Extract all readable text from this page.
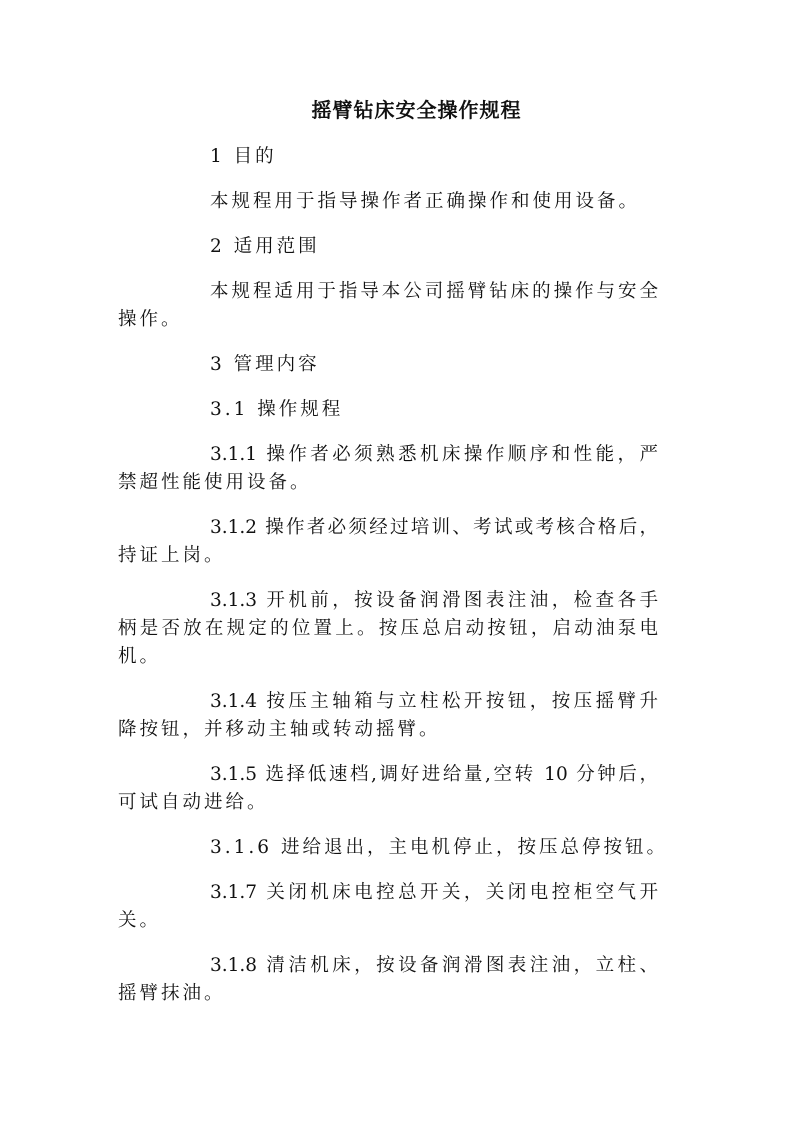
摇臂钻床安全操作规程
1 目的
本规程用于指导操作者正确操作和使用设备。
2 适用范围
本规程适用于指导本公司摇臂钻床的操作与安全
操作。
3 管理内容
3.1 操作规程
3.1.1 操作者必须熟悉机床操作顺序和性能，严
禁超性能使用设备。
3.1.2 操作者必须经过培训、考试或考核合格后，
持证上岗。
3.1.3 开机前，按设备润滑图表注油，检查各手
柄是否放在规定的位置上。按压总启动按钮，启动油泵电
机。
3.1.4 按压主轴箱与立柱松开按钮，按压摇臂升
降按钮，并移动主轴或转动摇臂。
3.1.5 选择低速档,调好进给量,空转 10 分钟后，
可试自动进给。
3.1.6 进给退出，主电机停止，按压总停按钮。
3.1.7 关闭机床电控总开关，关闭电控柜空气开
关。
3.1.8 清洁机床，按设备润滑图表注油，立柱、
摇臂抹油。
